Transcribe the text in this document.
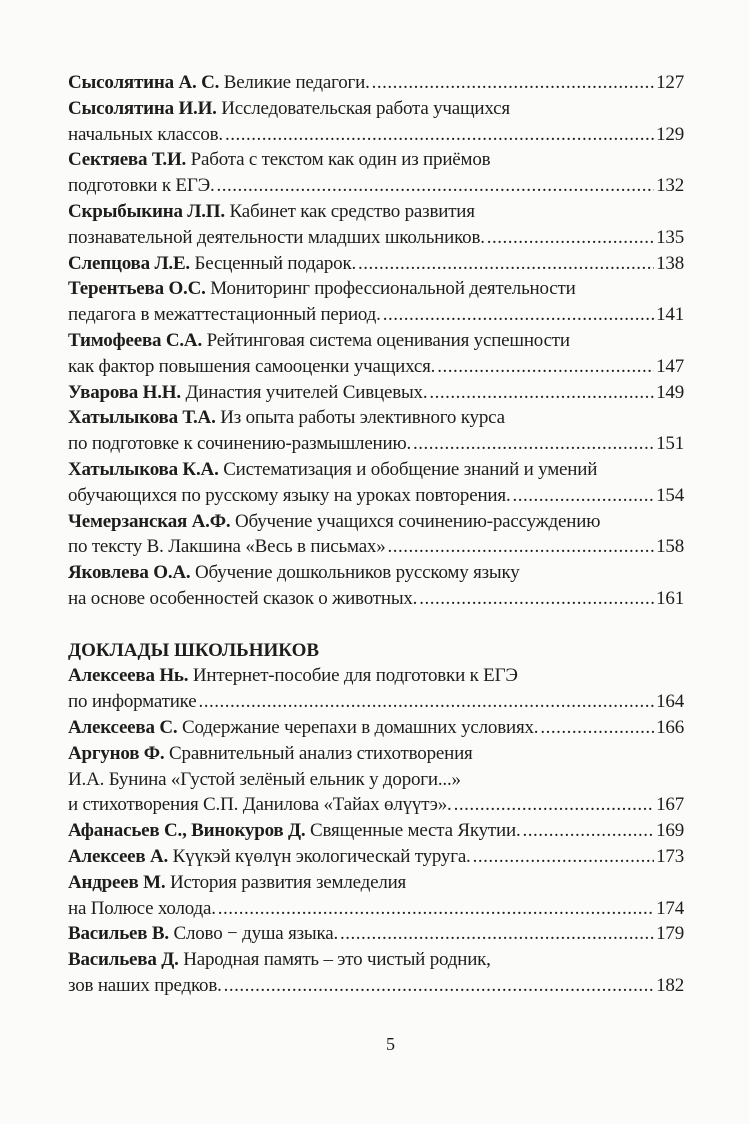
Сысолятина А. С. Великие педагоги. .....	127
Сысолятина И.И. Исследовательская работа учащихся
начальных классов. .....	129
Сектяева Т.И. Работа с текстом как один из приёмов
подготовки к ЕГЭ. .....	132
Скрыбыкина Л.П. Кабинет как средство развития
познавательной деятельности младших школьников. .....	135
Слепцова Л.Е. Бесценный подарок. .....	138
Терентьева О.С. Мониторинг профессиональной деятельности
педагога в межаттестационный период. .....	141
Тимофеева С.А. Рейтинговая система оценивания успешности
как фактор повышения самооценки учащихся. .....	147
Уварова Н.Н. Династия учителей Сивцевых. .....	149
Хатылыкова Т.А. Из опыта работы элективного курса
по подготовке к сочинению-размышлению. .....	151
Хатылыкова К.А. Систематизация и обобщение знаний и умений
обучающихся по русскому языку на уроках повторения. .....	154
Чемерзанская А.Ф. Обучение учащихся сочинению-рассуждению
по тексту В. Лакшина «Весь в письмах» .....	158
Яковлева О.А. Обучение дошкольников русскому языку
на основе особенностей сказок о животных. .....	161
ДОКЛАДЫ ШКОЛЬНИКОВ
Алексеева Нь. Интернет-пособие для подготовки к ЕГЭ
по информатике .....	164
Алексеева С. Содержание черепахи в домашних условиях. .....	166
Аргунов Ф. Сравнительный анализ стихотворения
И.А. Бунина «Густой зелёный ельник у дороги...»
и стихотворения С.П. Данилова «Тайах өлүүтэ». .....	167
Афанасьев С., Винокуров Д. Священные места Якутии. .....	169
Алексеев А. Күүкэй күөлүн экологическай туруга. .....	173
Андреев М. История развития земледелия
на Полюсе холода. .....	174
Васильев В. Слово − душа языка. .....	179
Васильева Д. Народная память – это чистый родник,
зов наших предков. .....	182
5
